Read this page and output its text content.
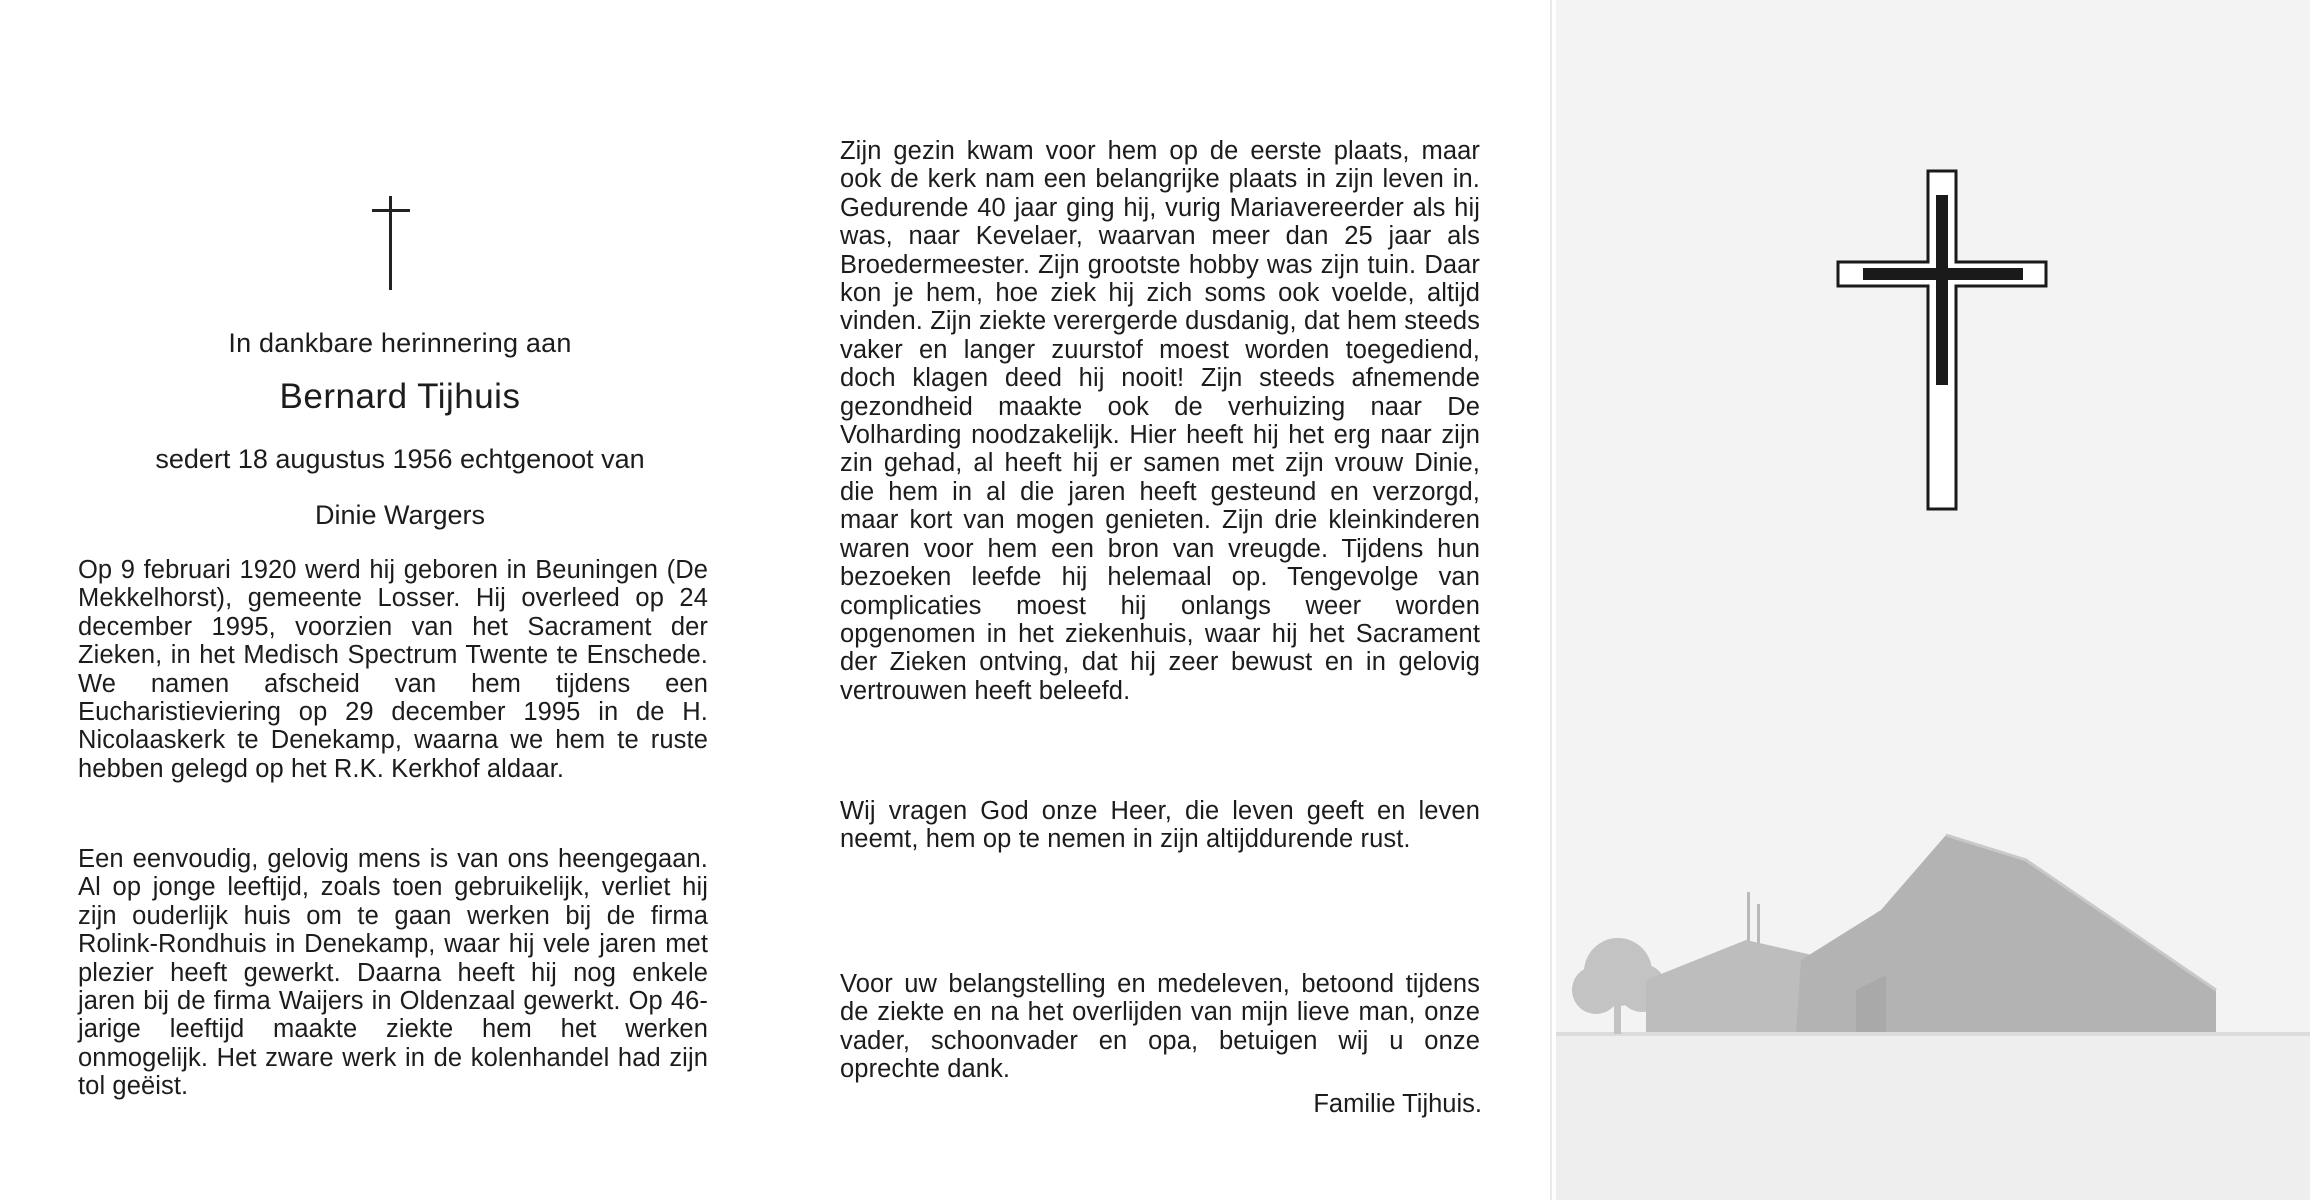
In dankbare herinnering aan
Bernard Tijhuis
sedert 18 augustus 1956 echtgenoot van
Dinie Wargers

Op 9 februari 1920 werd hij geboren in Beuningen (De Mekkelhorst), gemeente Losser. Hij overleed op 24 december 1995, voorzien van het Sacrament der Zieken, in het Medisch Spectrum Twente te Enschede. We namen afscheid van hem tijdens een Eucharistieviering op 29 december 1995 in de H. Nicolaaskerk te Denekamp, waarna we hem te ruste hebben gelegd op het R.K. Kerkhof aldaar.

Een eenvoudig, gelovig mens is van ons heengegaan. Al op jonge leeftijd, zoals toen gebruikelijk, verliet hij zijn ouderlijk huis om te gaan werken bij de firma Rolink-Rondhuis in Denekamp, waar hij vele jaren met plezier heeft gewerkt. Daarna heeft hij nog enkele jaren bij de firma Waijers in Oldenzaal gewerkt. Op 46-jarige leeftijd maakte ziekte hem het werken onmogelijk. Het zware werk in de kolenhandel had zijn tol geëist.

Zijn gezin kwam voor hem op de eerste plaats, maar ook de kerk nam een belangrijke plaats in zijn leven in. Gedurende 40 jaar ging hij, vurig Mariavereerder als hij was, naar Kevelaer, waarvan meer dan 25 jaar als Broedermeester. Zijn grootste hobby was zijn tuin. Daar kon je hem, hoe ziek hij zich soms ook voelde, altijd vinden. Zijn ziekte verergerde dusdanig, dat hem steeds vaker en langer zuurstof moest worden toegediend, doch klagen deed hij nooit! Zijn steeds afnemende gezondheid maakte ook de verhuizing naar De Volharding noodzakelijk. Hier heeft hij het erg naar zijn zin gehad, al heeft hij er samen met zijn vrouw Dinie, die hem in al die jaren heeft gesteund en verzorgd, maar kort van mogen genieten. Zijn drie kleinkinderen waren voor hem een bron van vreugde. Tijdens hun bezoeken leefde hij helemaal op. Tengevolge van complicaties moest hij onlangs weer worden opgenomen in het ziekenhuis, waar hij het Sacrament der Zieken ontving, dat hij zeer bewust en in gelovig vertrouwen heeft beleefd.

Wij vragen God onze Heer, die leven geeft en leven neemt, hem op te nemen in zijn altijddurende rust.

Voor uw belangstelling en medeleven, betoond tijdens de ziekte en na het overlijden van mijn lieve man, onze vader, schoonvader en opa, betuigen wij u onze oprechte dank.

Familie Tijhuis.
